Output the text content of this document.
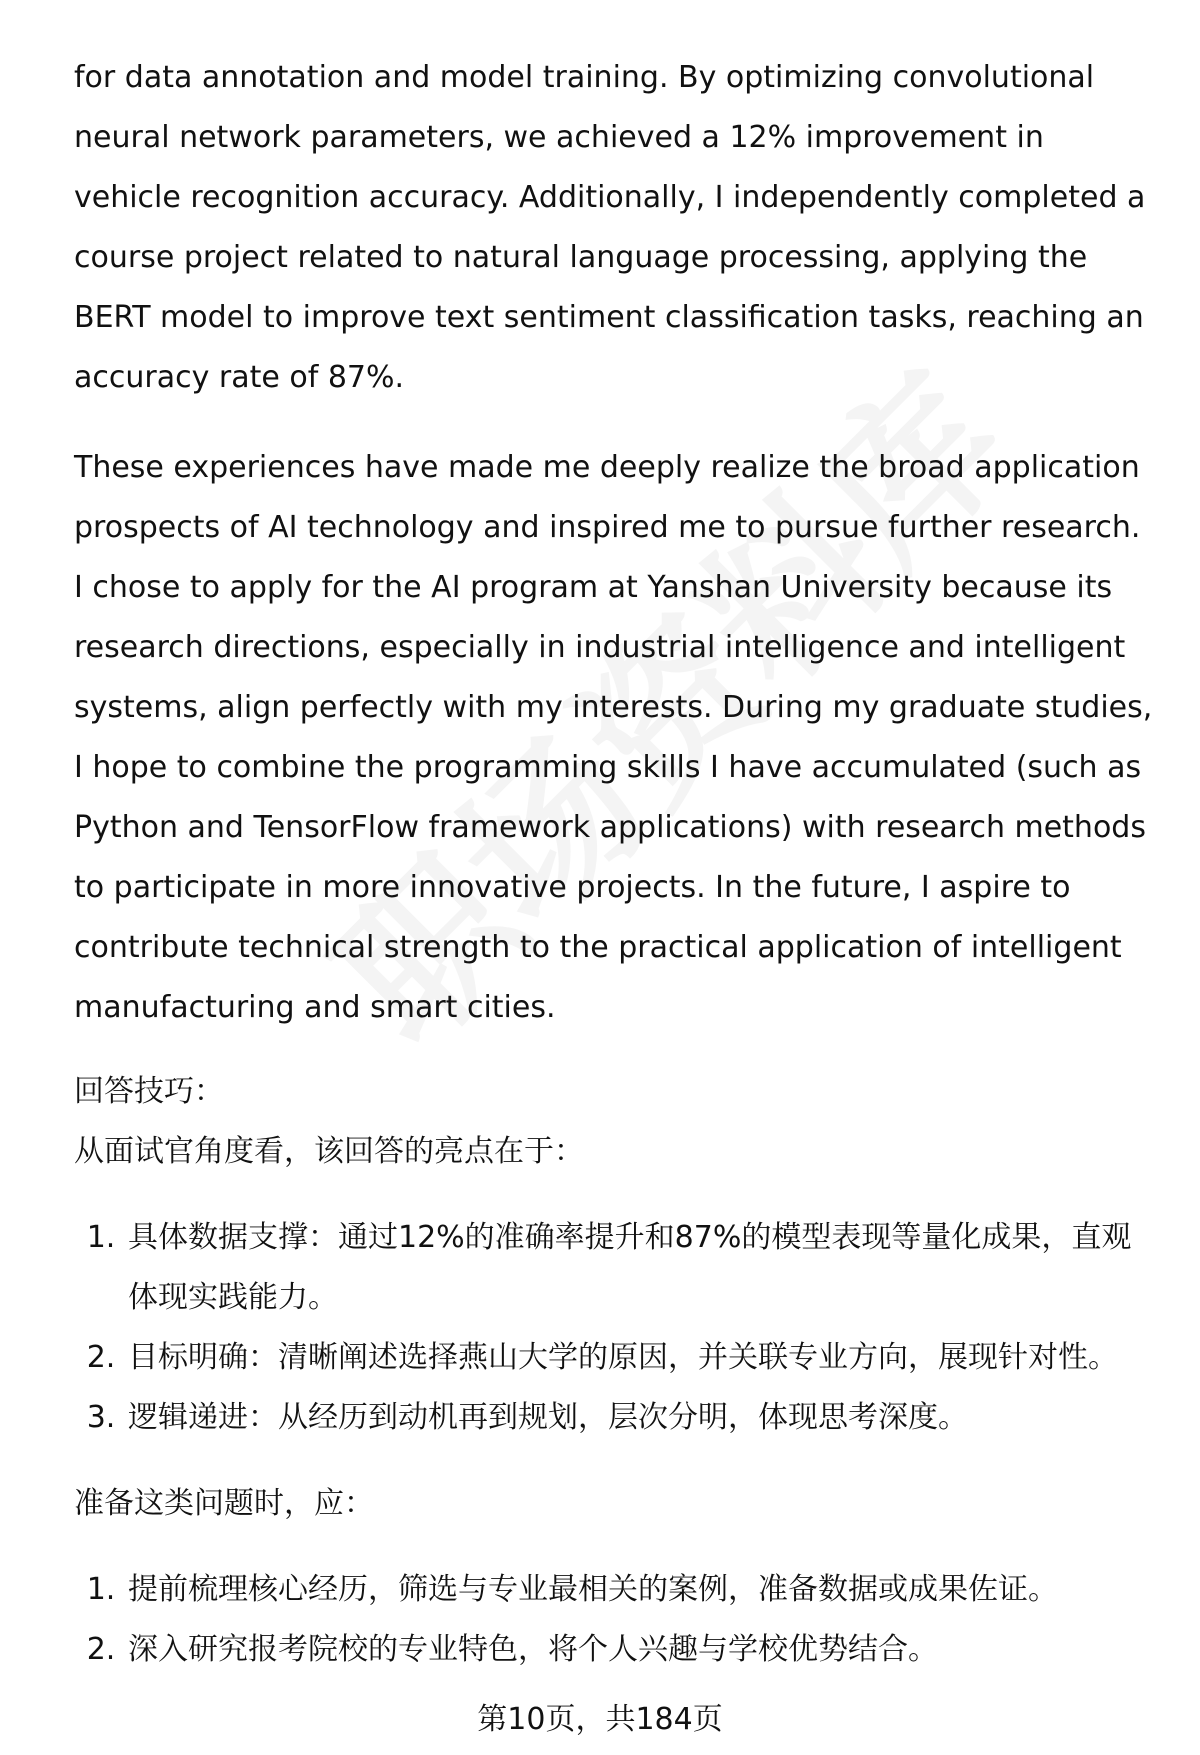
for data annotation and model training. By optimizing convolutional neural network parameters, we achieved a 12% improvement in vehicle recognition accuracy. Additionally, I independently completed a course project related to natural language processing, applying the BERT model to improve text sentiment classification tasks, reaching an accuracy rate of 87%.

These experiences have made me deeply realize the broad application prospects of AI technology and inspired me to pursue further research. I chose to apply for the AI program at Yanshan University because its research directions, especially in industrial intelligence and intelligent systems, align perfectly with my interests. During my graduate studies, I hope to combine the programming skills I have accumulated (such as Python and TensorFlow framework applications) with research methods to participate in more innovative projects. In the future, I aspire to contribute technical strength to the practical application of intelligent manufacturing and smart cities.

回答技巧：

从面试官角度看，该回答的亮点在于：

1. 具体数据支撑：通过12%的准确率提升和87%的模型表现等量化成果，直观体现实践能力。
2. 目标明确：清晰阐述选择燕山大学的原因，并关联专业方向，展现针对性。
3. 逻辑递进：从经历到动机再到规划，层次分明，体现思考深度。

准备这类问题时，应：

1. 提前梳理核心经历，筛选与专业最相关的案例，准备数据或成果佐证。
2. 深入研究报考院校的专业特色，将个人兴趣与学校优势结合。
第10页，共184页
